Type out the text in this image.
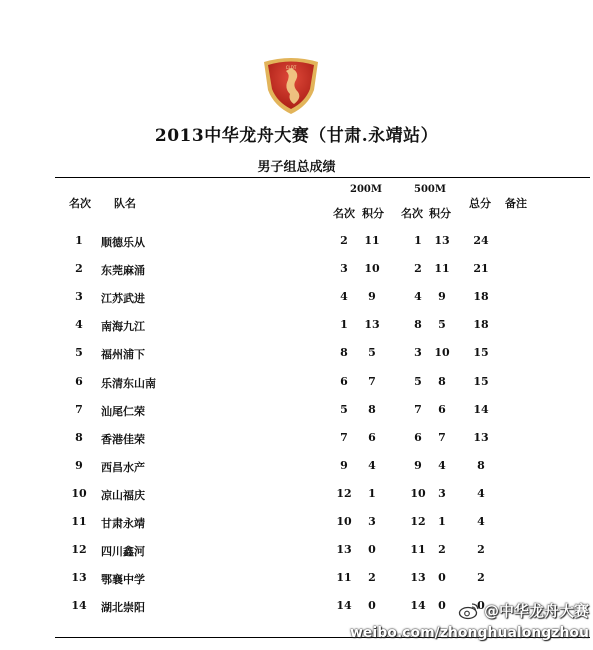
CLDT
2013中华龙舟大赛（甘肃.永靖站）
男子组总成绩
名次 队名
200M	500M
名次 积分 名次 积分
总分 备注
1	顺德乐从	2	11	1	13	24
2	东莞麻涌	3	10	2	11	21
3	江苏武进	4	9	4	9	18
4	南海九江	1	13	8	5	18
5	福州浦下	8	5	3	10	15
6	乐清东山南	6	7	5	8	15
7	汕尾仁荣	5	8	7	6	14
8	香港佳荣	7	6	6	7	13
9	西昌水产	9	4	9	4	8
10 凉山福庆	12	1	10	3	4
11 甘肃永靖	10	3	12	1	4
12 四川鑫河	13	0	11	2	2
13 鄂襄中学	11	2	13	0	2
14 湖北崇阳	14	0	14	0	0 @中华龙舟大赛
weibo.com/zhonghualongzhou
